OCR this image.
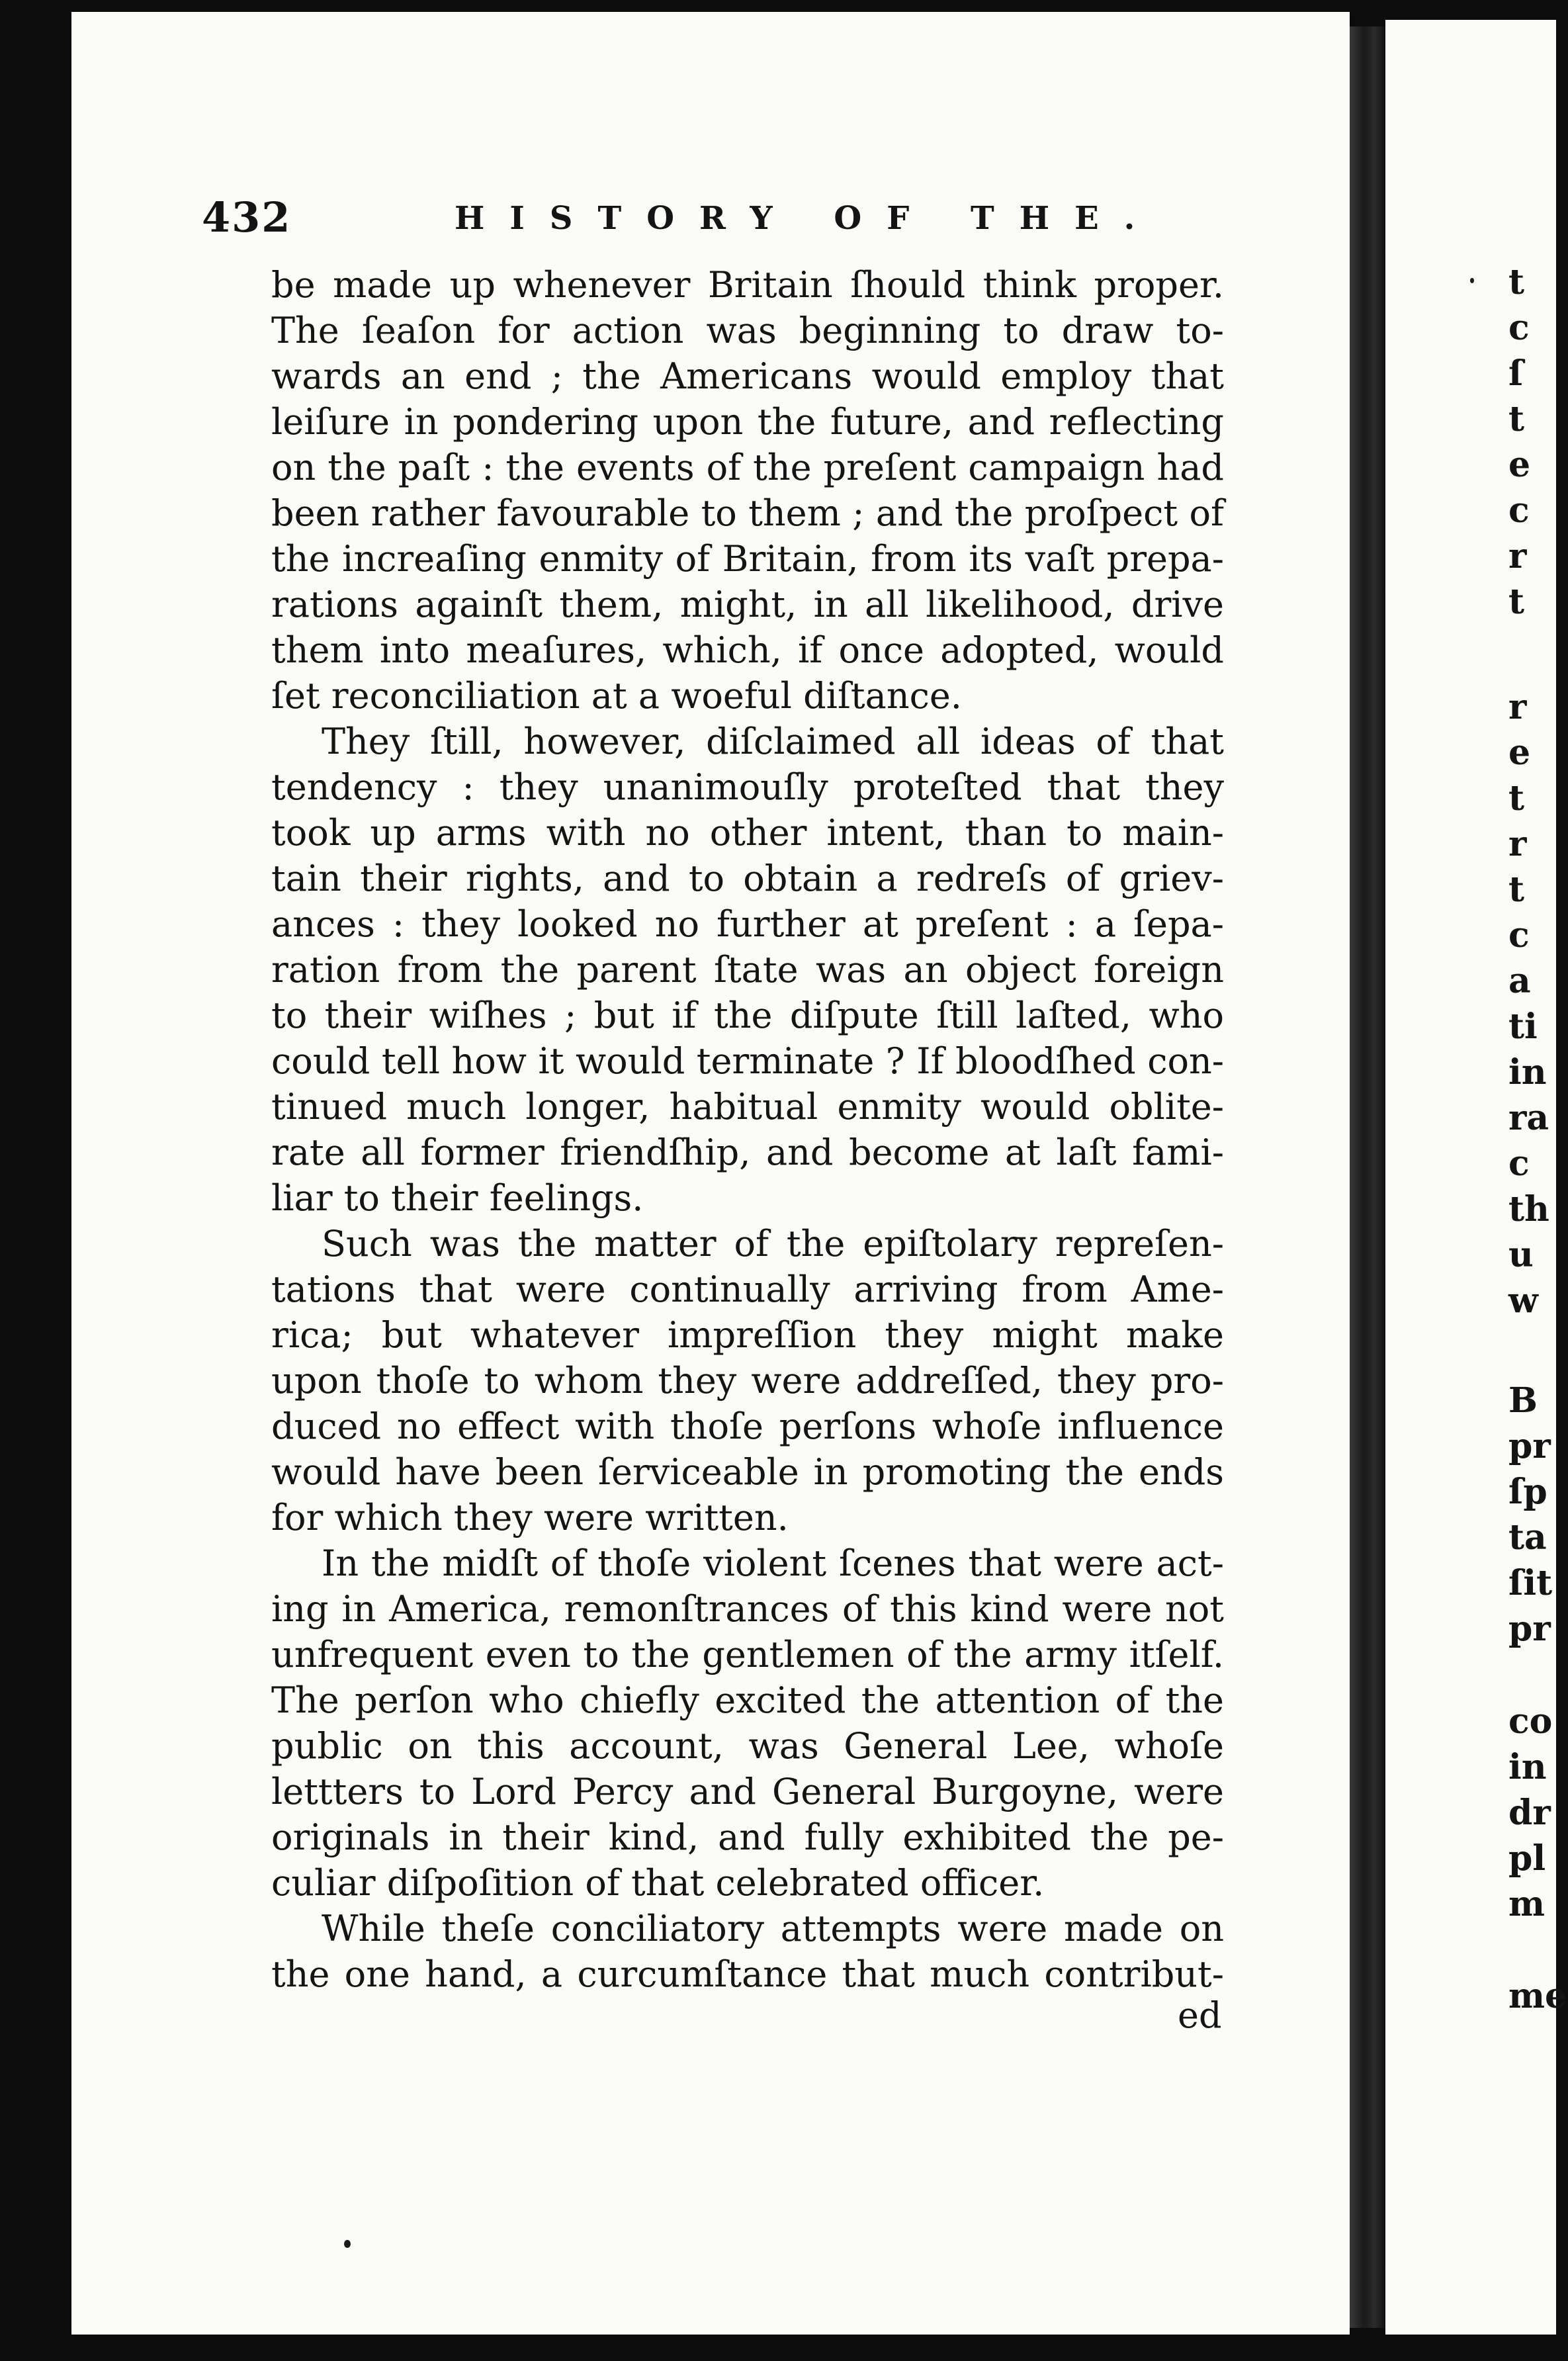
432	HISTORY OF THE.
be made up whenever Britain ſhould think proper.
The ſeaſon for action was beginning to draw to-
wards an end ; the Americans would employ that
leiſure in pondering upon the future, and reflecting
on the paſt : the events of the preſent campaign had
been rather favourable to them ; and the proſpect of
the increaſing enmity of Britain, from its vaſt prepa-
rations againſt them, might, in all likelihood, drive
them into meaſures, which, if once adopted, would
ſet reconciliation at a woeful diſtance.
They ſtill, however, diſclaimed all ideas of that
tendency : they unanimouſly proteſted that they
took up arms with no other intent, than to main-
tain their rights, and to obtain a redreſs of griev-
ances : they looked no further at preſent : a ſepa-
ration from the parent ſtate was an object foreign
to their wiſhes ; but if the diſpute ſtill laſted, who
could tell how it would terminate ? If bloodſhed con-
tinued much longer, habitual enmity would oblite-
rate all former friendſhip, and become at laſt fami-
liar to their feelings.
Such was the matter of the epiſtolary repreſen-
tations that were continually arriving from Ame-
rica; but whatever impreſſion they might make
upon thoſe to whom they were addreſſed, they pro-
duced no effect with thoſe perſons whoſe influence
would have been ſerviceable in promoting the ends
for which they were written.
In the midſt of thoſe violent ſcenes that were act-
ing in America, remonſtrances of this kind were not
unfrequent even to the gentlemen of the army itſelf.
The perſon who chiefly excited the attention of the
public on this account, was General Lee, whoſe
lettters to Lord Percy and General Burgoyne, were
originals in their kind, and fully exhibited the pe-
culiar diſpoſition of that celebrated officer.
While theſe conciliatory attempts were made on
the one hand, a curcumſtance that much contribut-
ed
t
c
ſ
t
e
c
r
t
r
e
t
r
t
c
a
ti
in
ra
c
th
u
w
B
pr
ſp
ta
ſit
pr
co
in
dr
pl
m
me
